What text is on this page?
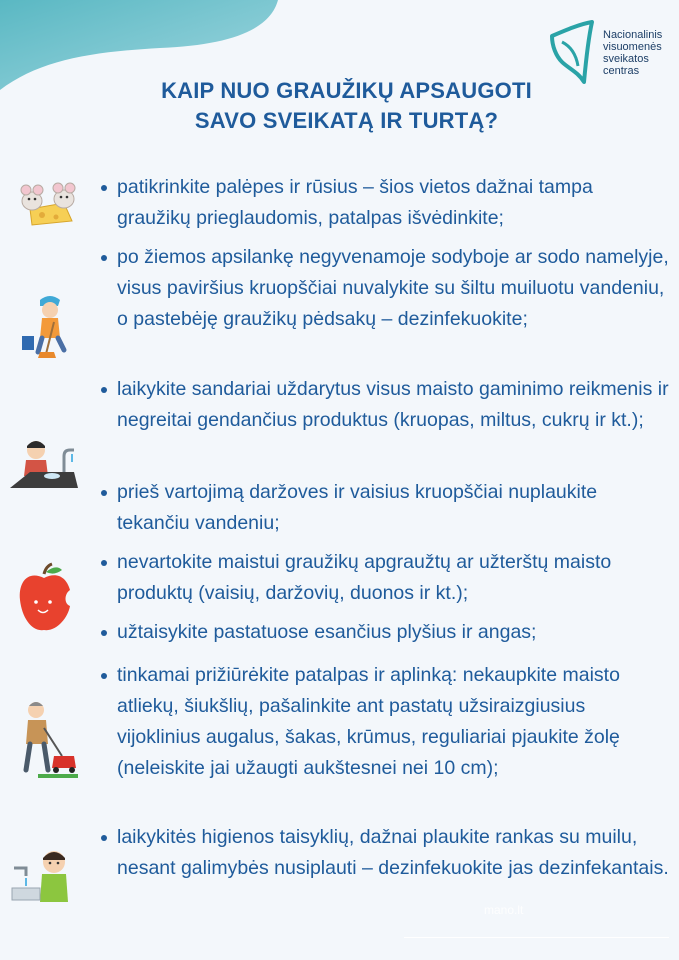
Nacionalinis
visuomenės
sveikatos
centras
KAIP NUO GRAUŽIKŲ APSAUGOTI
SAVO SVEIKATĄ IR TURTĄ?
patikrinkite palėpes ir rūsius – šios vietos dažnai tampa graužikų prieglaudomis, patalpas išvėdinkite;
po žiemos apsilankę negyvenamoje sodyboje ar sodo namelyje, visus paviršius kruopščiai nuvalykite su šiltu muiluotu vandeniu, o pastebėję graužikų pėdsakų – dezinfekuokite;
laikykite sandariai uždarytus visus maisto gaminimo reikmenis ir negreitai gendančius produktus (kruopas, miltus, cukrų ir kt.);
prieš vartojimą daržoves ir vaisius kruopščiai nuplaukite tekančiu vandeniu;
nevartokite maistui graužikų apgraužtų ar užterštų maisto produktų (vaisių, daržovių, duonos ir kt.);
užtaisykite pastatuose esančius plyšius ir angas;
tinkamai prižiūrėkite patalpas ir aplinką: nekaupkite maisto atliekų, šiukšlių, pašalinkite ant pastatų užsiraizgiusius vijoklinius augalus, šakas, krūmus, reguliariai pjaukite žolę (neleiskite jai užaugti aukštesnei nei 10 cm);
laikykitės higienos taisyklių, dažnai plaukite rankas su muilu, nesant galimybės nusiplauti – dezinfekuokite jas dezinfekantais.
mano.lt
